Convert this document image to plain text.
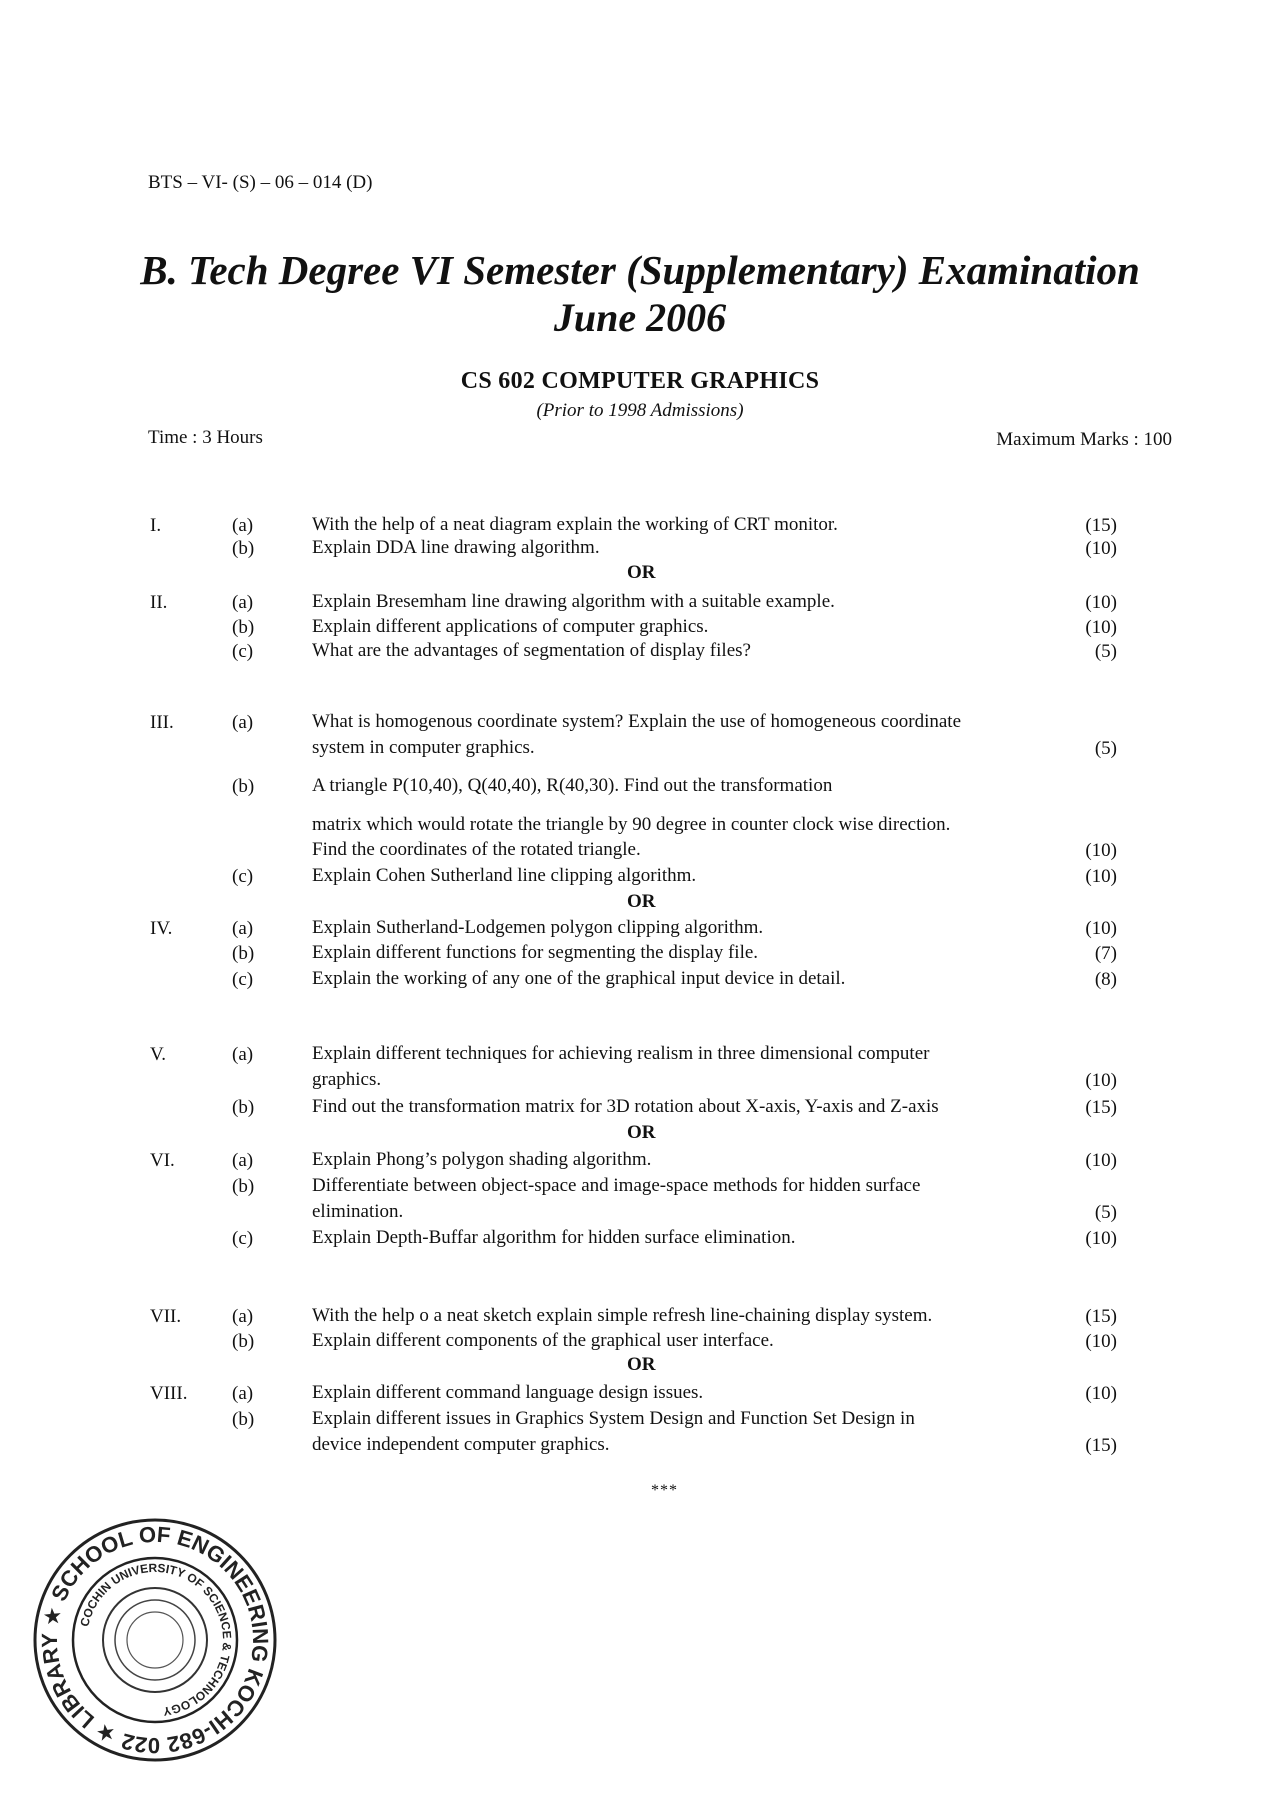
BTS – VI- (S) – 06 – 014 (D)
B. Tech Degree VI Semester (Supplementary) Examination
June 2006
CS 602 COMPUTER GRAPHICS
(Prior to 1998 Admissions)
Time : 3 Hours	Maximum Marks : 100
I.	(a)	With the help of a neat diagram explain the working of CRT monitor.	(15)
(b)	Explain DDA line drawing algorithm.	(10)
OR
II.	(a)	Explain Bresemham line drawing algorithm with a suitable example.	(10)
(b)	Explain different applications of computer graphics.	(10)
(c)	What are the advantages of segmentation of display files?	(5)
III.	(a)	What is homogenous coordinate system? Explain the use of homogeneous coordinate
system in computer graphics.	(5)
(b)	A triangle P(10,40), Q(40,40), R(40,30). Find out the transformation
matrix which would rotate the triangle by 90 degree in counter clock wise direction.
Find the coordinates of the rotated triangle.	(10)
(c)	Explain Cohen Sutherland line clipping algorithm.	(10)
OR
IV.	(a)	Explain Sutherland-Lodgemen polygon clipping algorithm.	(10)
(b)	Explain different functions for segmenting the display file.	(7)
(c)	Explain the working of any one of the graphical input device in detail.	(8)
V.	(a)	Explain different techniques for achieving realism in three dimensional computer
graphics.	(10)
(b)	Find out the transformation matrix for 3D rotation about X-axis, Y-axis and Z-axis	(15)
OR
VI.	(a)	Explain Phong’s polygon shading algorithm.	(10)
(b)	Differentiate between object-space and image-space methods for hidden surface
elimination.	(5)
(c)	Explain Depth-Buffar algorithm for hidden surface elimination.	(10)
VII.	(a)	With the help o a neat sketch explain simple refresh line-chaining display system.	(15)
(b)	Explain different components of the graphical user interface.	(10)
OR
VIII. (a)	Explain different command language design issues.	(10)
(b)	Explain different issues in Graphics System Design and Function Set Design in
device independent computer graphics.	(15)
***
★ SCHOOL OF ENGINEERING KOCHI-682 022 ★ LIBRARY
COCHIN UNIVERSITY OF SCIENCE & TECHNOLOGY
